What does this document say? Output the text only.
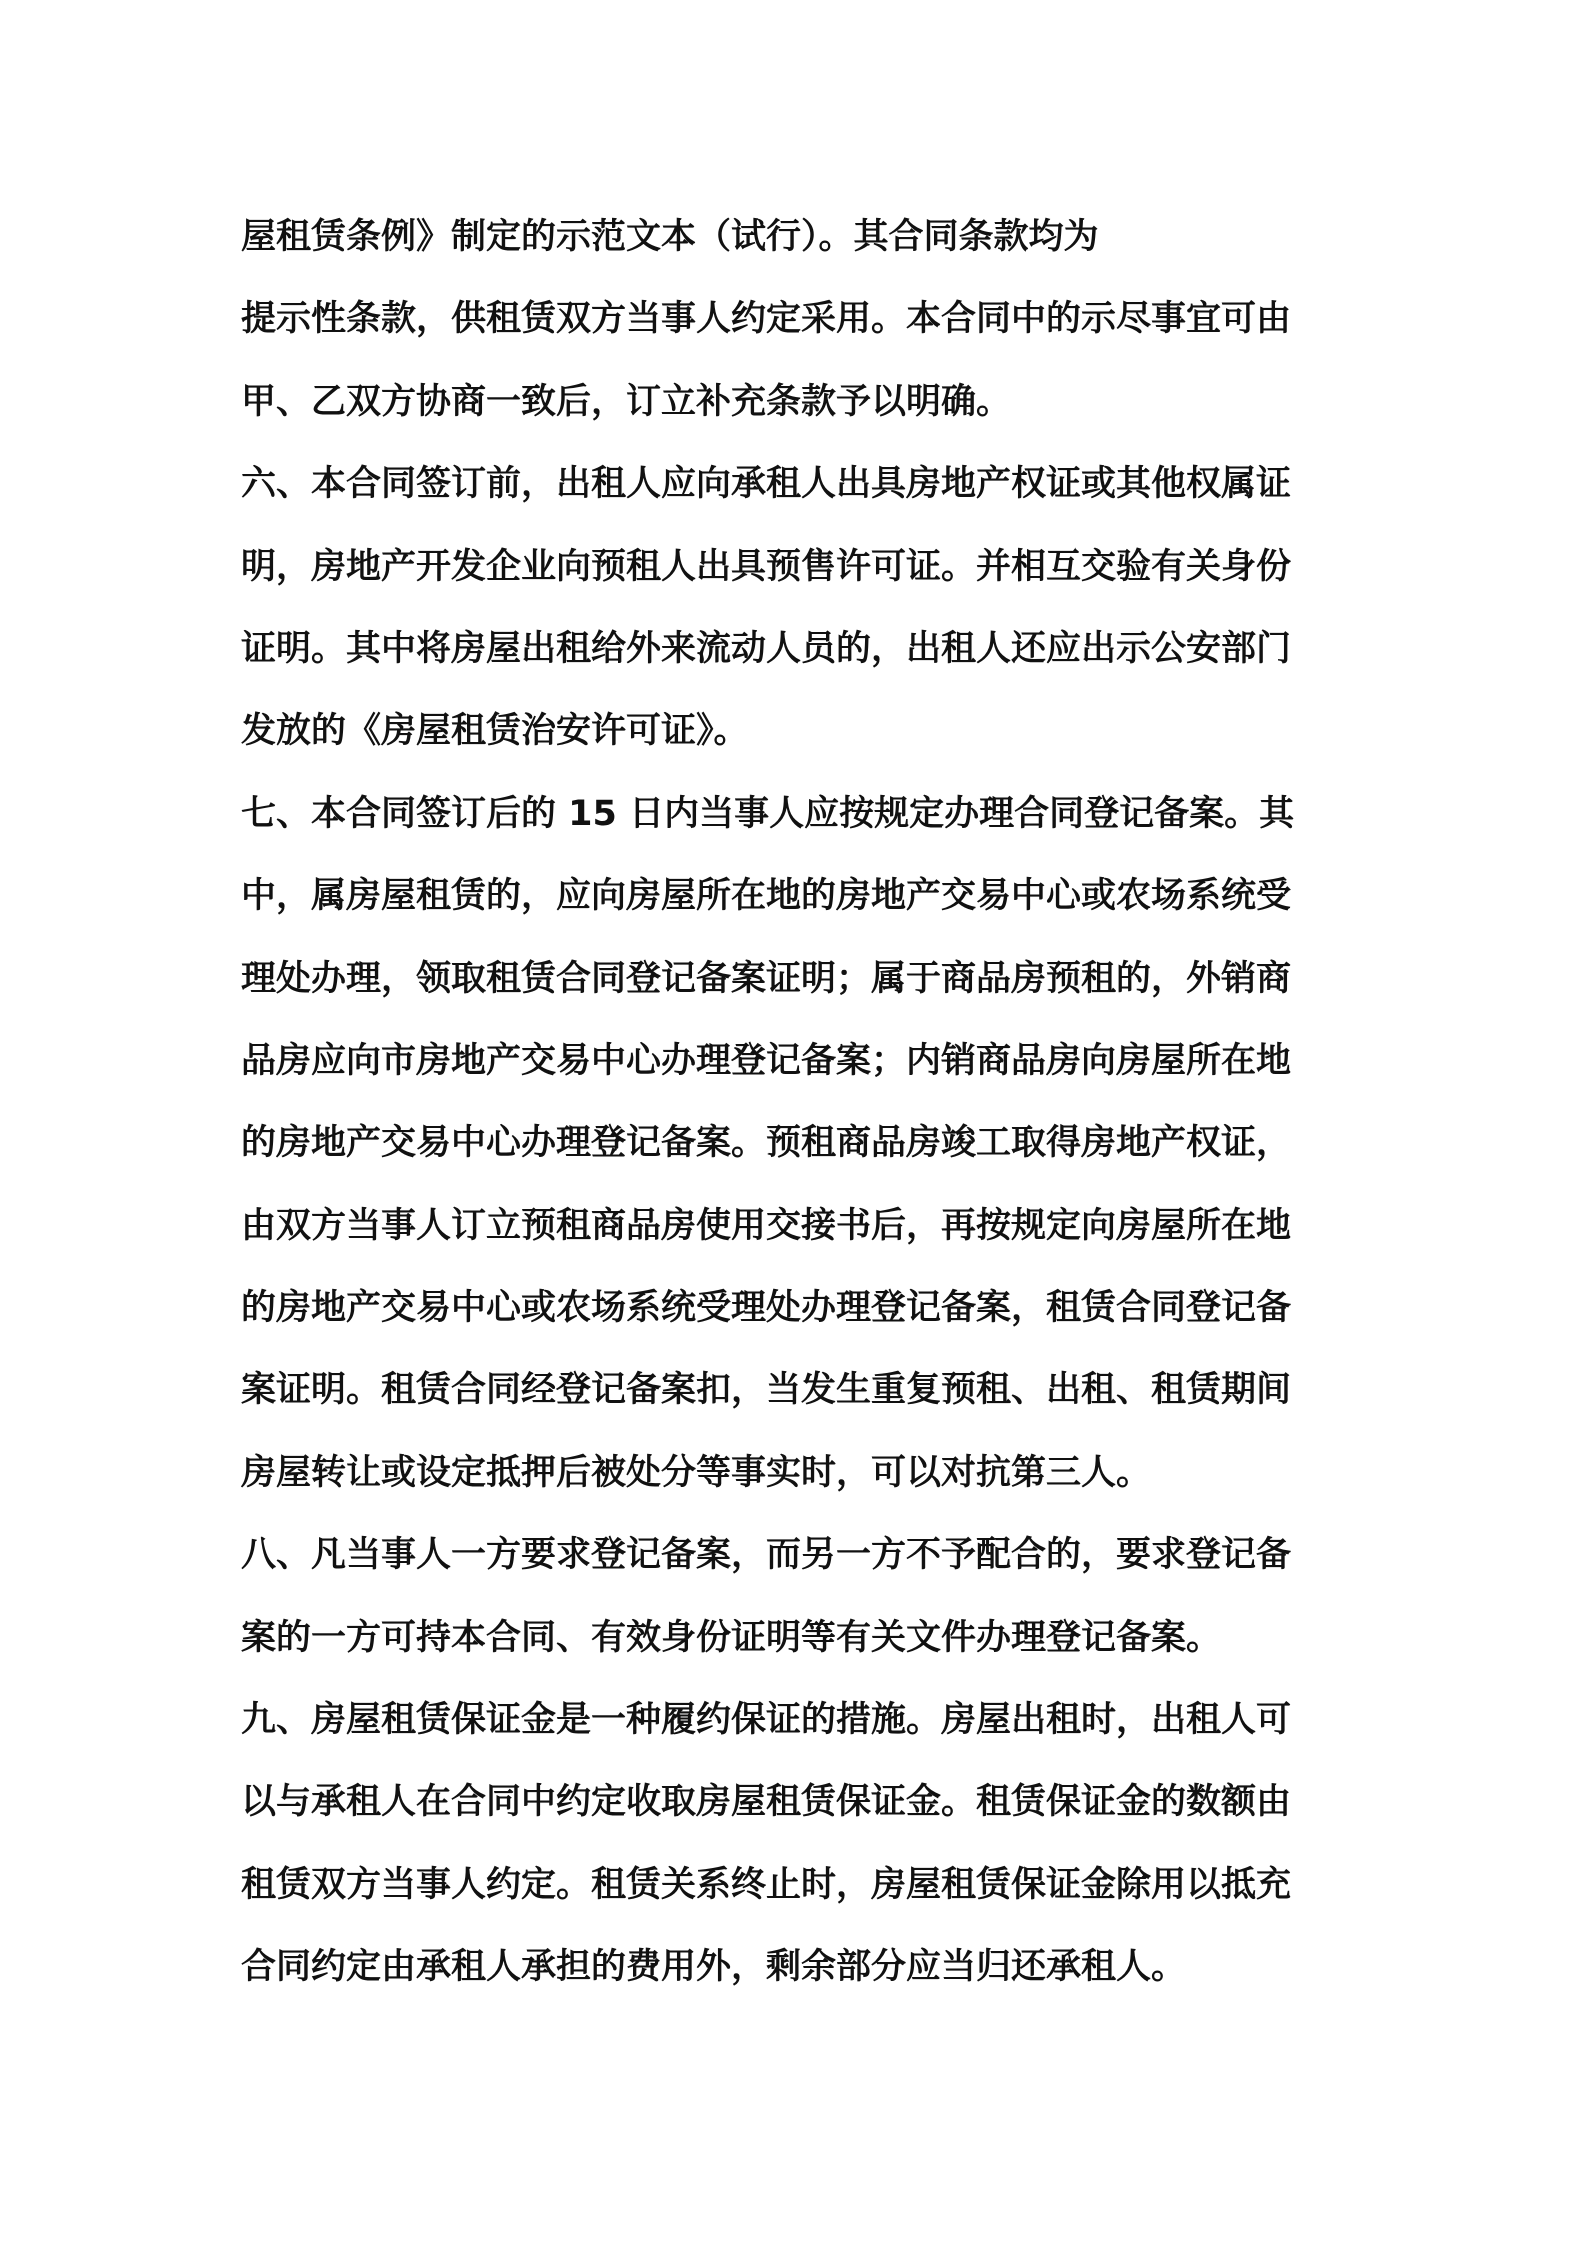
屋租赁条例》制定的示范文本（试行）。其合同条款均为
提示性条款，供租赁双方当事人约定采用。本合同中的示尽事宜可由
甲、乙双方协商一致后，订立补充条款予以明确。
六、本合同签订前，出租人应向承租人出具房地产权证或其他权属证
明，房地产开发企业向预租人出具预售许可证。并相互交验有关身份
证明。其中将房屋出租给外来流动人员的，出租人还应出示公安部门
发放的《房屋租赁治安许可证》。
七、本合同签订后的 15 日内当事人应按规定办理合同登记备案。其
中，属房屋租赁的，应向房屋所在地的房地产交易中心或农场系统受
理处办理，领取租赁合同登记备案证明；属于商品房预租的，外销商
品房应向市房地产交易中心办理登记备案；内销商品房向房屋所在地
的房地产交易中心办理登记备案。预租商品房竣工取得房地产权证，
由双方当事人订立预租商品房使用交接书后，再按规定向房屋所在地
的房地产交易中心或农场系统受理处办理登记备案，租赁合同登记备
案证明。租赁合同经登记备案扣，当发生重复预租、出租、租赁期间
房屋转让或设定抵押后被处分等事实时，可以对抗第三人。
八、凡当事人一方要求登记备案，而另一方不予配合的，要求登记备
案的一方可持本合同、有效身份证明等有关文件办理登记备案。
九、房屋租赁保证金是一种履约保证的措施。房屋出租时，出租人可
以与承租人在合同中约定收取房屋租赁保证金。租赁保证金的数额由
租赁双方当事人约定。租赁关系终止时，房屋租赁保证金除用以抵充
合同约定由承租人承担的费用外，剩余部分应当归还承租人。
